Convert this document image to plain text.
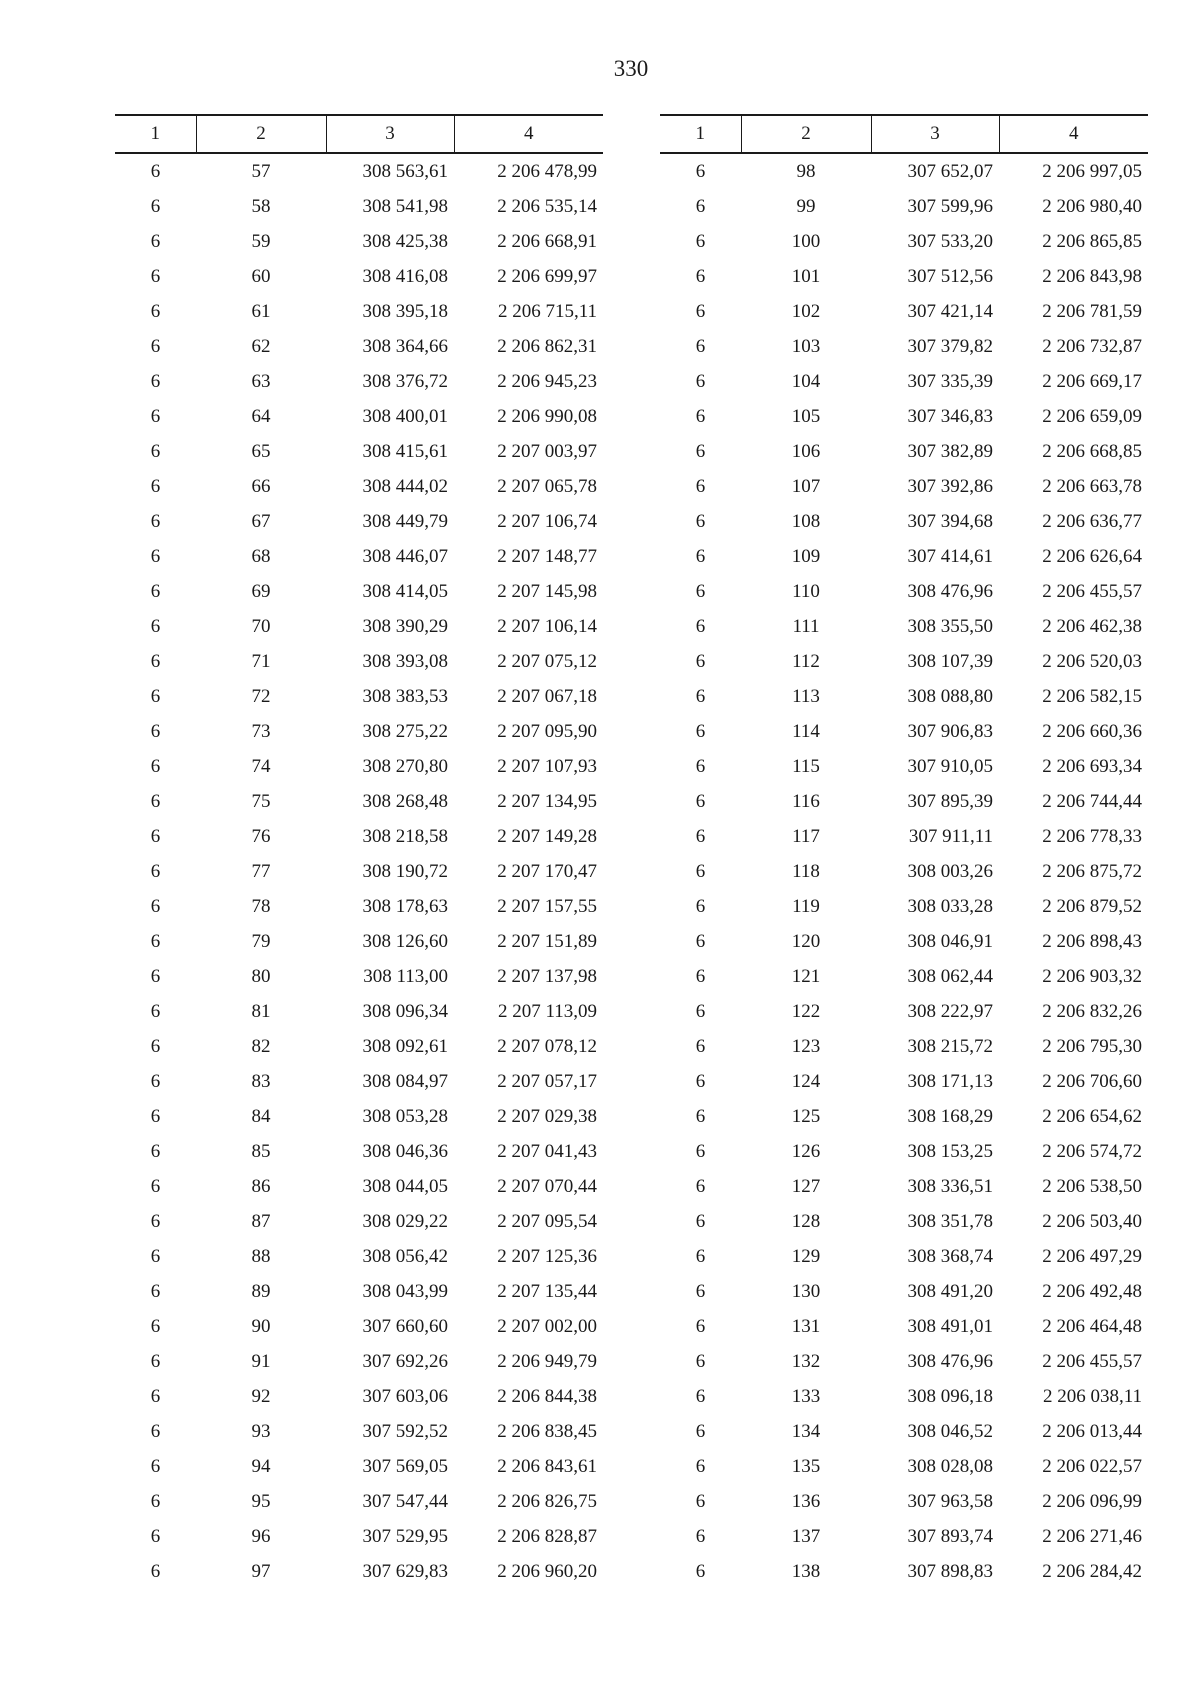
330
1	2	3	4
6	57	308 563,61	2 206 478,99
6	58	308 541,98	2 206 535,14
6	59	308 425,38	2 206 668,91
6	60	308 416,08	2 206 699,97
6	61	308 395,18	2 206 715,11
6	62	308 364,66	2 206 862,31
6	63	308 376,72	2 206 945,23
6	64	308 400,01	2 206 990,08
6	65	308 415,61	2 207 003,97
6	66	308 444,02	2 207 065,78
6	67	308 449,79	2 207 106,74
6	68	308 446,07	2 207 148,77
6	69	308 414,05	2 207 145,98
6	70	308 390,29	2 207 106,14
6	71	308 393,08	2 207 075,12
6	72	308 383,53	2 207 067,18
6	73	308 275,22	2 207 095,90
6	74	308 270,80	2 207 107,93
6	75	308 268,48	2 207 134,95
6	76	308 218,58	2 207 149,28
6	77	308 190,72	2 207 170,47
6	78	308 178,63	2 207 157,55
6	79	308 126,60	2 207 151,89
6	80	308 113,00	2 207 137,98
6	81	308 096,34	2 207 113,09
6	82	308 092,61	2 207 078,12
6	83	308 084,97	2 207 057,17
6	84	308 053,28	2 207 029,38
6	85	308 046,36	2 207 041,43
6	86	308 044,05	2 207 070,44
6	87	308 029,22	2 207 095,54
6	88	308 056,42	2 207 125,36
6	89	308 043,99	2 207 135,44
6	90	307 660,60	2 207 002,00
6	91	307 692,26	2 206 949,79
6	92	307 603,06	2 206 844,38
6	93	307 592,52	2 206 838,45
6	94	307 569,05	2 206 843,61
6	95	307 547,44	2 206 826,75
6	96	307 529,95	2 206 828,87
6	97	307 629,83	2 206 960,20
1	2	3	4
6	98	307 652,07	2 206 997,05
6	99	307 599,96	2 206 980,40
6	100	307 533,20	2 206 865,85
6	101	307 512,56	2 206 843,98
6	102	307 421,14	2 206 781,59
6	103	307 379,82	2 206 732,87
6	104	307 335,39	2 206 669,17
6	105	307 346,83	2 206 659,09
6	106	307 382,89	2 206 668,85
6	107	307 392,86	2 206 663,78
6	108	307 394,68	2 206 636,77
6	109	307 414,61	2 206 626,64
6	110	308 476,96	2 206 455,57
6	111	308 355,50	2 206 462,38
6	112	308 107,39	2 206 520,03
6	113	308 088,80	2 206 582,15
6	114	307 906,83	2 206 660,36
6	115	307 910,05	2 206 693,34
6	116	307 895,39	2 206 744,44
6	117	307 911,11	2 206 778,33
6	118	308 003,26	2 206 875,72
6	119	308 033,28	2 206 879,52
6	120	308 046,91	2 206 898,43
6	121	308 062,44	2 206 903,32
6	122	308 222,97	2 206 832,26
6	123	308 215,72	2 206 795,30
6	124	308 171,13	2 206 706,60
6	125	308 168,29	2 206 654,62
6	126	308 153,25	2 206 574,72
6	127	308 336,51	2 206 538,50
6	128	308 351,78	2 206 503,40
6	129	308 368,74	2 206 497,29
6	130	308 491,20	2 206 492,48
6	131	308 491,01	2 206 464,48
6	132	308 476,96	2 206 455,57
6	133	308 096,18	2 206 038,11
6	134	308 046,52	2 206 013,44
6	135	308 028,08	2 206 022,57
6	136	307 963,58	2 206 096,99
6	137	307 893,74	2 206 271,46
6	138	307 898,83	2 206 284,42
